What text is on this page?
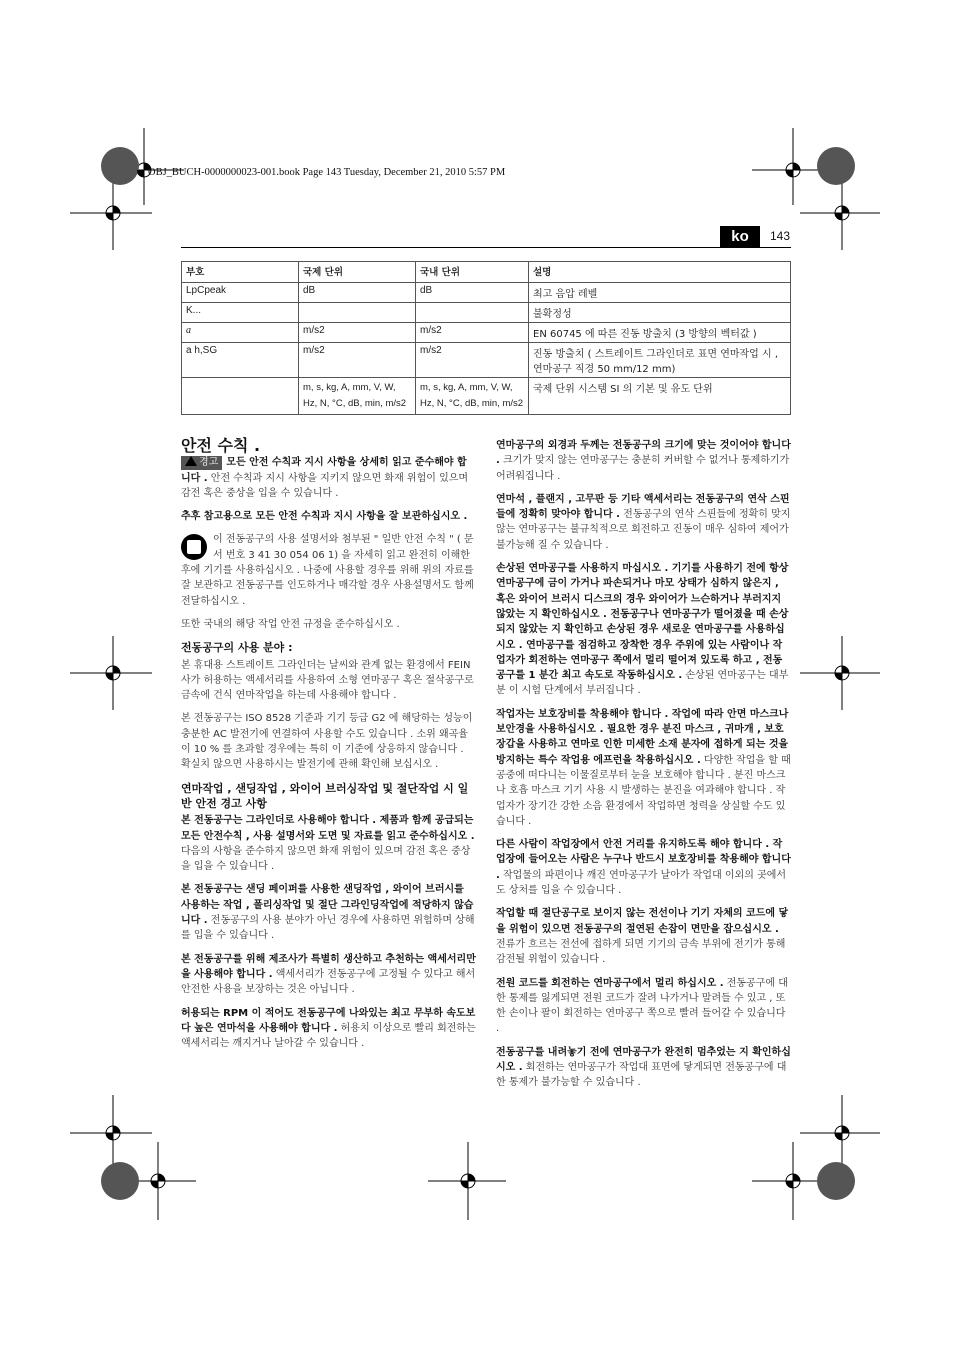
OBJ_BUCH-0000000023-001.book Page 143 Tuesday, December 21, 2010 5:57 PM
ko	143
부호	국제 단위	국내 단위	설명
LpCpeak	dB	dB	최고 음압 레벨
K...			불확정성
a	m/s2	m/s2	EN 60745 에 따른 진동 방출치 (3 방향의 벡터값 )
a h,SG	m/s2	m/s2	진동 방출치 ( 스트레이트 그라인더로 표면 연마작업 시 , 연마공구 직경 50 mm/12 mm)
	m, s, kg, A, mm, V, W, Hz, N, °C, dB, min, m/s2	m, s, kg, A, mm, V, W, Hz, N, °C, dB, min, m/s2	국제 단위 시스템 SI 의 기본 및 유도 단위
안전 수칙 .

경고 모든 안전 수칙과 지시 사항을 상세히 읽고 준수해야 합니다 . 안전 수칙과 지시 사항을 지키지 않으면 화재 위험이 있으며 감전 혹은 중상을 입을 수 있습니다 .

추후 참고용으로 모든 안전 수칙과 지시 사항을 잘 보관하십시오 .

이 전동공구의 사용 설명서와 첨부된 " 일반 안전 수칙 " ( 문서 번호 3 41 30 054 06 1) 을 자세히 읽고 완전히 이해한 후에 기기를 사용하십시오 . 나중에 사용할 경우를 위해 위의 자료를 잘 보관하고 전동공구를 인도하거나 매각할 경우 사용설명서도 함께 전달하십시오 .

또한 국내의 해당 작업 안전 규정을 준수하십시오 .

전동공구의 사용 분야 :

본 휴대용 스트레이트 그라인더는 날씨와 관계 없는 환경에서 FEIN 사가 허용하는 액세서리를 사용하여 소형 연마공구 혹은 절삭공구로 금속에 건식 연마작업을 하는데 사용해야 합니다 .

본 전동공구는 ISO 8528 기준과 기기 등급 G2 에 해당하는 성능이 충분한 AC 발전기에 연결하여 사용할 수도 있습니다 . 소위 왜곡율이 10 % 를 초과할 경우에는 특히 이 기준에 상응하지 않습니다 . 확실치 않으면 사용하시는 발전기에 관해 확인해 보십시오 .

연마작업 , 샌딩작업 , 와이어 브러싱작업 및 절단작업 시 일반 안전 경고 사항

본 전동공구는 그라인더로 사용해야 합니다 . 제품과 함께 공급되는 모든 안전수칙 , 사용 설명서와 도면 및 자료를 읽고 준수하십시오 . 다음의 사항을 준수하지 않으면 화재 위험이 있으며 감전 혹은 중상을 입을 수 있습니다 .

본 전동공구는 샌딩 페이퍼를 사용한 샌딩작업 , 와이어 브러시를 사용하는 작업 , 폴리싱작업 및 절단 그라인딩작업에 적당하지 않습니다 . 전동공구의 사용 분야가 아닌 경우에 사용하면 위험하며 상해를 입을 수 있습니다 .

본 전동공구를 위해 제조사가 특별히 생산하고 추천하는 액세서리만을 사용해야 합니다 . 액세서리가 전동공구에 고정될 수 있다고 해서 안전한 사용을 보장하는 것은 아닙니다 .

허용되는 RPM 이 적어도 전동공구에 나와있는 최고 무부하 속도보다 높은 연마석을 사용해야 합니다 . 허용치 이상으로 빨리 회전하는 액세서리는 깨지거나 날아갈 수 있습니다 .

연마공구의 외경과 두께는 전동공구의 크기에 맞는 것이어야 합니다 . 크기가 맞지 않는 연마공구는 충분히 커버할 수 없거나 통제하기가 어려워집니다 .

연마석 , 플랜지 , 고무판 등 기타 액세서리는 전동공구의 연삭 스핀들에 정확히 맞아야 합니다 . 전동공구의 연삭 스핀들에 정확히 맞지 않는 연마공구는 불규칙적으로 회전하고 진동이 매우 심하여 제어가 불가능해 질 수 있습니다 .

손상된 연마공구를 사용하지 마십시오 . 기기를 사용하기 전에 항상 연마공구에 금이 가거나 파손되거나 마모 상태가 심하지 않은지 , 혹은 와이어 브러시 디스크의 경우 와이어가 느슨하거나 부러지지 않았는 지 확인하십시오 . 전동공구나 연마공구가 떨어졌을 때 손상되지 않았는 지 확인하고 손상된 경우 새로운 연마공구를 사용하십시오 . 연마공구를 점검하고 장착한 경우 주위에 있는 사람이나 작업자가 회전하는 연마공구 쪽에서 멀리 떨어져 있도록 하고 , 전동공구를 1 분간 최고 속도로 작동하십시오 . 손상된 연마공구는 대부분 이 시험 단계에서 부러집니다 .

작업자는 보호장비를 착용해야 합니다 . 작업에 따라 안면 마스크나 보안경을 사용하십시오 . 필요한 경우 분진 마스크 , 귀마개 , 보호장갑을 사용하고 연마로 인한 미세한 소재 분자에 접하게 되는 것을 방지하는 특수 작업용 에프런을 착용하십시오 . 다양한 작업을 할 때 공중에 떠다니는 이물질로부터 눈을 보호해야 합니다 . 분진 마스크나 호흡 마스크 기기 사용 시 발생하는 분진을 여과해야 합니다 . 작업자가 장기간 강한 소음 환경에서 작업하면 청력을 상실할 수도 있습니다 .

다른 사람이 작업장에서 안전 거리를 유지하도록 해야 합니다 . 작업장에 들어오는 사람은 누구나 반드시 보호장비를 착용해야 합니다 . 작업물의 파편이나 깨진 연마공구가 날아가 작업대 이외의 곳에서도 상처를 입을 수 있습니다 .

작업할 때 절단공구로 보이지 않는 전선이나 기기 자체의 코드에 닿을 위험이 있으면 전동공구의 절연된 손잡이 면만을 잡으십시오 . 전류가 흐르는 전선에 접하게 되면 기기의 금속 부위에 전기가 통해 감전될 위험이 있습니다 .

전원 코드를 회전하는 연마공구에서 멀리 하십시오 . 전동공구에 대한 통제를 잃게되면 전원 코드가 잘려 나가거나 말려들 수 있고 , 또한 손이나 팔이 회전하는 연마공구 쪽으로 빨려 들어갈 수 있습니다 .

전동공구를 내려놓기 전에 연마공구가 완전히 멈추었는 지 확인하십시오 . 회전하는 연마공구가 작업대 표면에 닿게되면 전동공구에 대한 통제가 불가능할 수 있습니다 .
